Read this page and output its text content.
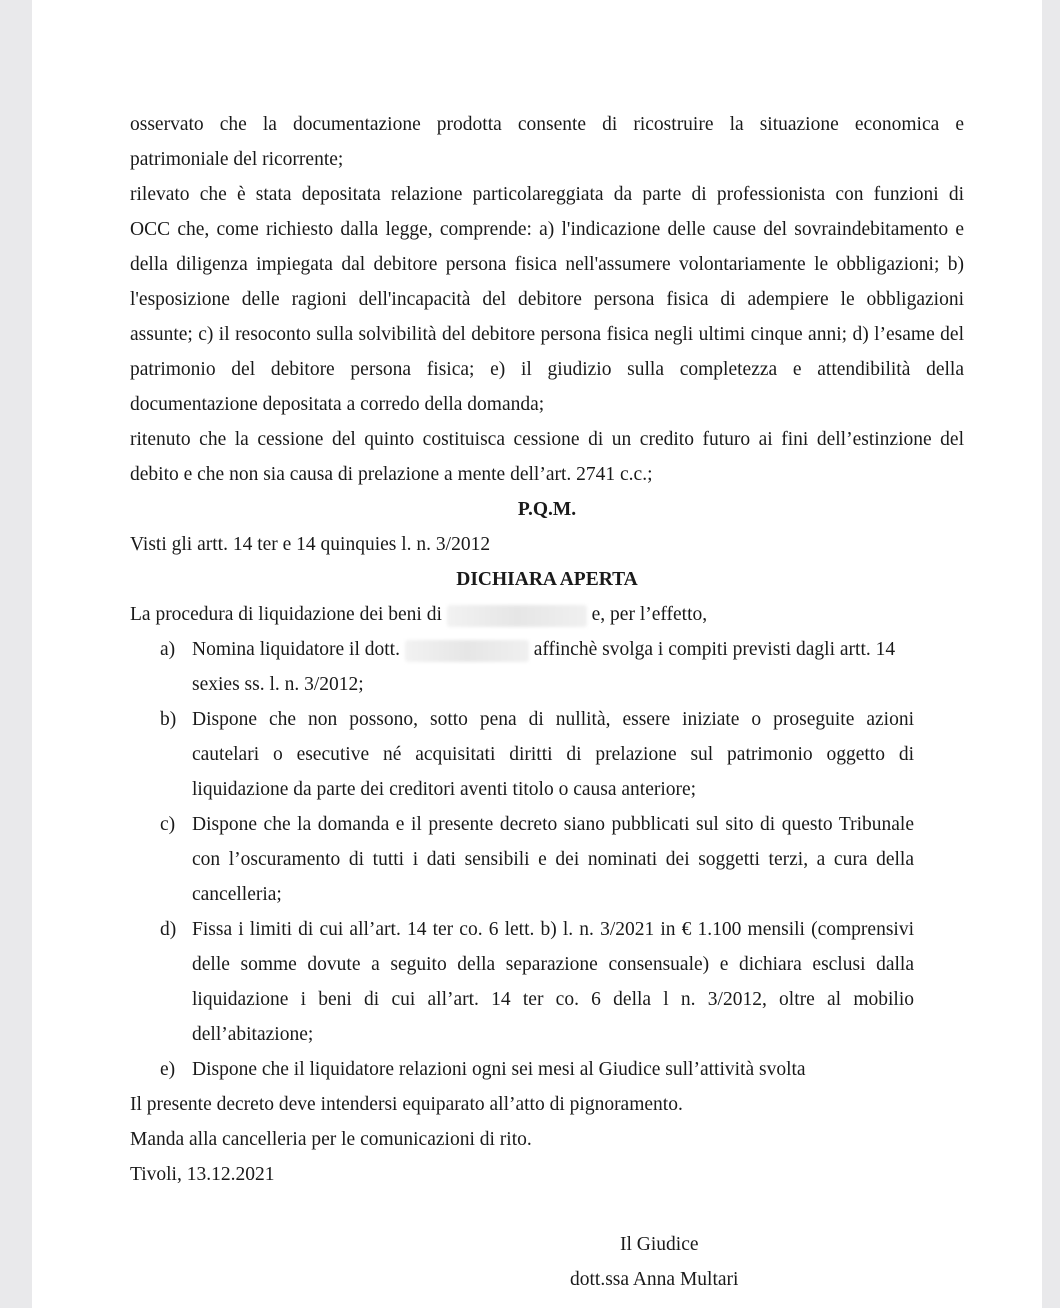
osservato che la documentazione prodotta consente di ricostruire la situazione economica e
patrimoniale del ricorrente;
rilevato che è stata depositata relazione particolareggiata da parte di professionista con funzioni di
OCC che, come richiesto dalla legge, comprende: a) l'indicazione delle cause del sovraindebitamento e
della diligenza impiegata dal debitore persona fisica nell'assumere volontariamente le obbligazioni; b)
l'esposizione delle ragioni dell'incapacità del debitore persona fisica di adempiere le obbligazioni
assunte; c) il resoconto sulla solvibilità del debitore persona fisica negli ultimi cinque anni; d) l’esame del
patrimonio del debitore persona fisica; e) il giudizio sulla completezza e attendibilità della
documentazione depositata a corredo della domanda;
ritenuto che la cessione del quinto costituisca cessione di un credito futuro ai fini dell’estinzione del
debito e che non sia causa di prelazione a mente dell’art. 2741 c.c.;
P.Q.M.
Visti gli artt. 14 ter e 14 quinquies l. n. 3/2012
DICHIARA APERTA
La procedura di liquidazione dei beni di	e, per l’effetto,
a) Nomina liquidatore il dott.	affinchè svolga i compiti previsti dagli artt. 14
sexies ss. l. n. 3/2012;
b) Dispone che non possono, sotto pena di nullità, essere iniziate o proseguite azioni
cautelari o esecutive né acquisitati diritti di prelazione sul patrimonio oggetto di
liquidazione da parte dei creditori aventi titolo o causa anteriore;
c) Dispone che la domanda e il presente decreto siano pubblicati sul sito di questo Tribunale
con l’oscuramento di tutti i dati sensibili e dei nominati dei soggetti terzi, a cura della
cancelleria;
d) Fissa i limiti di cui all’art. 14 ter co. 6 lett. b) l. n. 3/2021 in € 1.100 mensili (comprensivi
delle somme dovute a seguito della separazione consensuale) e dichiara esclusi dalla
liquidazione i beni di cui all’art. 14 ter co. 6 della l n. 3/2012, oltre al mobilio
dell’abitazione;
e) Dispone che il liquidatore relazioni ogni sei mesi al Giudice sull’attività svolta
Il presente decreto deve intendersi equiparato all’atto di pignoramento.
Manda alla cancelleria per le comunicazioni di rito.
Tivoli, 13.12.2021
Il Giudice
dott.ssa Anna Multari
